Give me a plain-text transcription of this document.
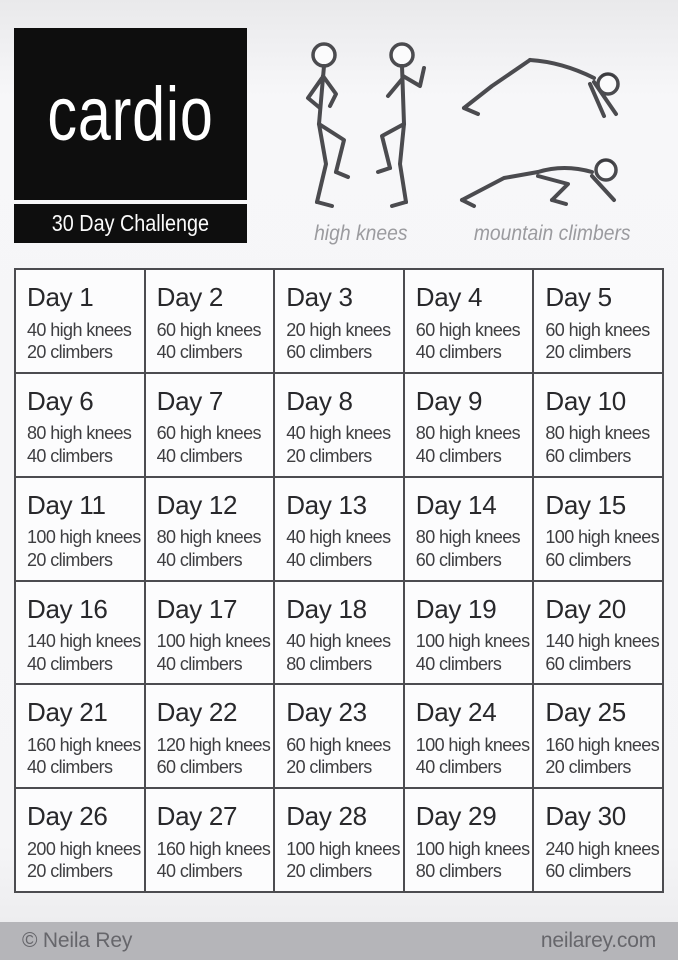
cardio
30 Day Challenge	high knees	mountain climbers
Day 1
40 high knees
20 climbers
Day 2
60 high knees
40 climbers
Day 3
20 high knees
60 climbers
Day 4
60 high knees
40 climbers
Day 5
60 high knees
20 climbers
Day 6
80 high knees
40 climbers
Day 7
60 high knees
40 climbers
Day 8
40 high knees
20 climbers
Day 9
80 high knees
40 climbers
Day 10
80 high knees
60 climbers
Day 11
100 high knees
20 climbers
Day 12
80 high knees
40 climbers
Day 13
40 high knees
40 climbers
Day 14
80 high knees
60 climbers
Day 15
100 high knees
60 climbers
Day 16
140 high knees
40 climbers
Day 17
100 high knees
40 climbers
Day 18
40 high knees
80 climbers
Day 19
100 high knees
40 climbers
Day 20
140 high knees
60 climbers
Day 21
160 high knees
40 climbers
Day 22
120 high knees
60 climbers
Day 23
60 high knees
20 climbers
Day 24
100 high knees
40 climbers
Day 25
160 high knees
20 climbers
Day 26
200 high knees
20 climbers
Day 27
160 high knees
40 climbers
Day 28
100 high knees
20 climbers
Day 29
100 high knees
80 climbers
Day 30
240 high knees
60 climbers
© Neila Rey	neilarey.com
